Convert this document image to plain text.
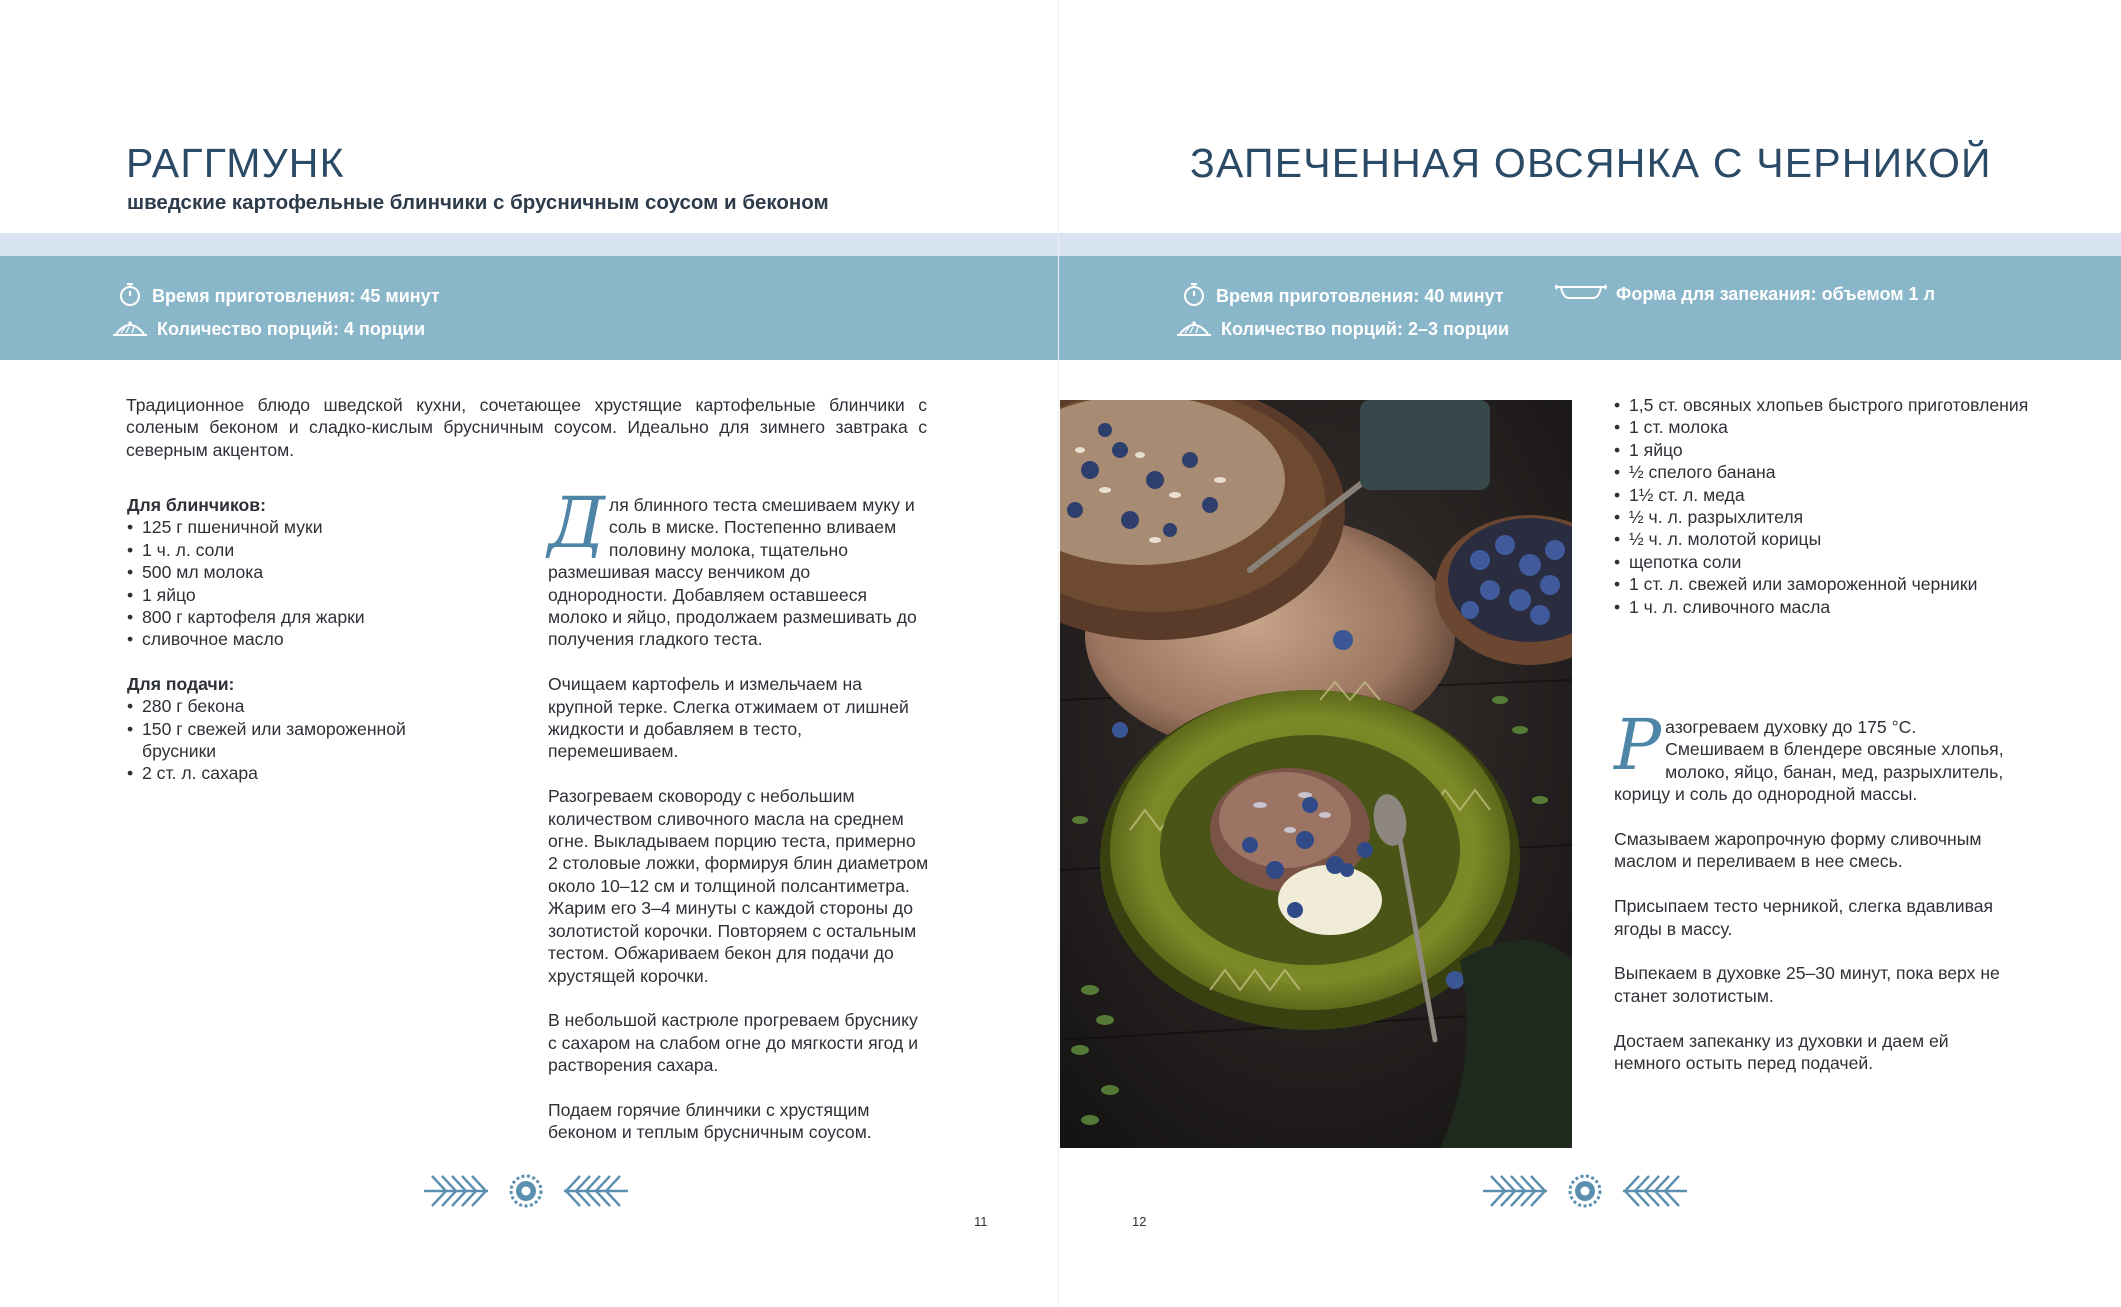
РАГГМУНК
шведские картофельные блинчики с брусничным соусом и беконом
Время приготовления: 45 минут
Количество порций: 4 порции
Традиционное блюдо шведской кухни, сочетающее хрустящие картофельные блинчики с соленым беконом и сладко-кислым брусничным соусом. Идеально для зимнего завтрака с северным акцентом.
Для блинчиков:
• 125 г пшеничной муки
• 1 ч. л. соли
• 500 мл молока
• 1 яйцо
• 800 г картофеля для жарки
• сливочное масло
Для подачи:
• 280 г бекона
• 150 г свежей или замороженной брусники
• 2 ст. л. сахара

Д ля блинного теста смешиваем муку и соль в миске. Постепенно вливаем половину молока, тщательно размешивая массу венчиком до однородности. Добавляем оставшееся молоко и яйцо, продолжаем размешивать до получения гладкого теста.

Очищаем картофель и измельчаем на крупной терке. Слегка отжимаем от лишней жидкости и добавляем в тесто, перемешиваем.

Разогреваем сковороду с небольшим количеством сливочного масла на среднем огне. Выкладываем порцию теста, примерно 2 столовые ложки, формируя блин диаметром около 10–12 см и толщиной полсантиметра. Жарим его 3–4 минуты с каждой стороны до золотистой корочки. Повторяем с остальным тестом. Обжариваем бекон для подачи до хрустящей корочки.

В небольшой кастрюле прогреваем бруснику с сахаром на слабом огне до мягкости ягод и растворения сахара.

Подаем горячие блинчики с хрустящим беконом и теплым брусничным соусом.

11
ЗАПЕЧЕННАЯ ОВСЯНКА С ЧЕРНИКОЙ
Время приготовления: 40 минут
Количество порций: 2–3 порции
Форма для запекания: объемом 1 л
• 1,5 ст. овсяных хлопьев быстрого приготовления
• 1 ст. молока
• 1 яйцо
• ½ спелого банана
• 1½ ст. л. меда
• ½ ч. л. разрыхлителя
• ½ ч. л. молотой корицы
• щепотка соли
• 1 ст. л. свежей или замороженной черники
• 1 ч. л. сливочного масла

Р азогреваем духовку до 175 °С. Смешиваем в блендере овсяные хлопья, молоко, яйцо, банан, мед, разрыхлитель, корицу и соль до однородной массы.

Смазываем жаропрочную форму сливочным маслом и переливаем в нее смесь.

Присыпаем тесто черникой, слегка вдавливая ягоды в массу.

Выпекаем в духовке 25–30 минут, пока верх не станет золотистым.

Достаем запеканку из духовки и даем ей немного остыть перед подачей.

12
